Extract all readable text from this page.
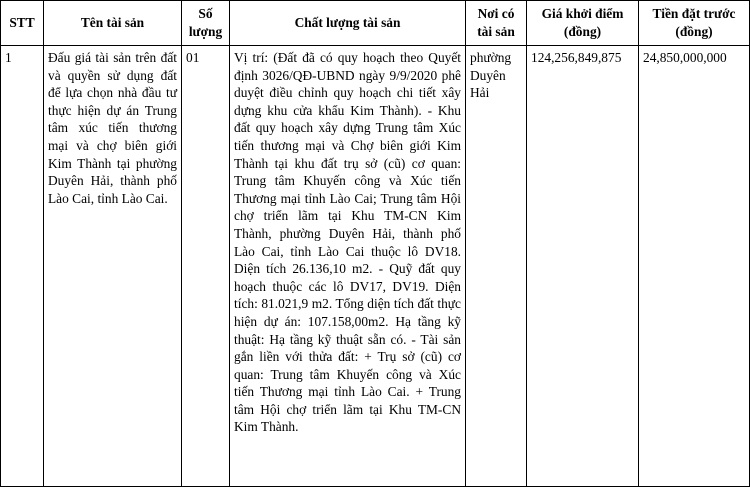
STT	Tên tài sản	Số lượng	Chất lượng tài sản	Nơi có tài sản	Giá khởi điểm (đồng)	Tiền đặt trước (đồng)
1	Đấu giá tài sản trên đất và quyền sử dụng đất để lựa chọn nhà đầu tư thực hiện dự án Trung tâm xúc tiến thương mại và chợ biên giới Kim Thành tại phường Duyên Hải, thành phố Lào Cai, tỉnh Lào Cai.	01	Vị trí: (Đất đã có quy hoạch theo Quyết định 3026/QĐ-UBND ngày 9/9/2020 phê duyệt điều chỉnh quy hoạch chi tiết xây dựng khu cửa khẩu Kim Thành). - Khu đất quy hoạch xây dựng Trung tâm Xúc tiến thương mại và Chợ biên giới Kim Thành tại khu đất trụ sở (cũ) cơ quan: Trung tâm Khuyến công và Xúc tiến Thương mại tỉnh Lào Cai; Trung tâm Hội chợ triển lãm tại Khu TM-CN Kim Thành, phường Duyên Hải, thành phố Lào Cai, tỉnh Lào Cai thuộc lô DV18. Diện tích 26.136,10 m2. - Quỹ đất quy hoạch thuộc các lô DV17, DV19. Diện tích: 81.021,9 m2. Tổng diện tích đất thực hiện dự án: 107.158,00m2. Hạ tầng kỹ thuật: Hạ tầng kỹ thuật sẵn có. - Tài sản gắn liền với thửa đất: + Trụ sở (cũ) cơ quan: Trung tâm Khuyến công và Xúc tiến Thương mại tỉnh Lào Cai. + Trung tâm Hội chợ triển lãm tại Khu TM-CN Kim Thành.	phường Duyên Hải	124,256,849,875	24,850,000,000
